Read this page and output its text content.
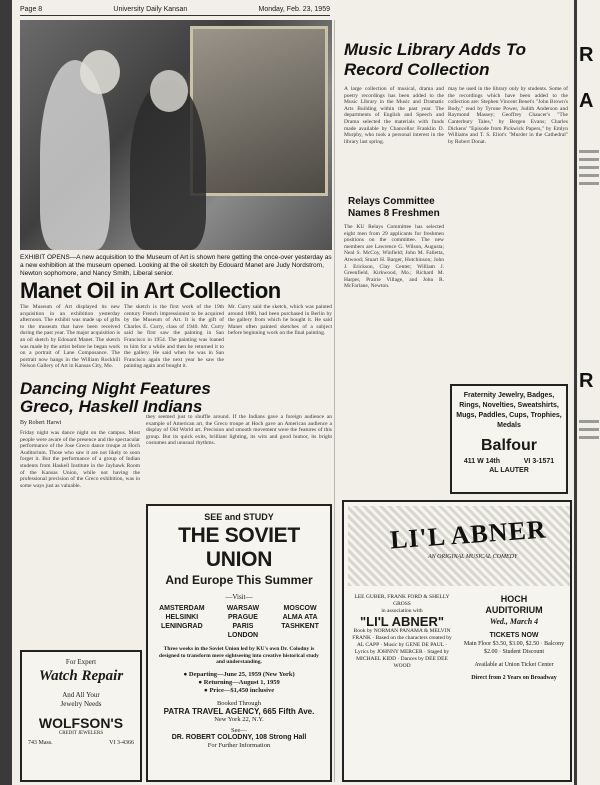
Page 8	University Daily Kansan	Monday, Feb. 23, 1959
EXHIBIT OPENS—A new acquisition to the Museum of Art is shown here getting the once-over yesterday as a new exhibition at the museum opened. Looking at the oil sketch by Edouard Manet are Judy Nordstrom, Newton sophomore, and Nancy Smith, Liberal senior.
Manet Oil in Art Collection
The Museum of Art displayed its new acquisition in an exhibition yesterday afternoon. The exhibit was made up of gifts to the museum that have been received during the past year. The major acquisition is an oil sketch by Edouard Manet. The sketch was made by the artist before he began work on a portrait of Lane Composance. The portrait now hangs in the William Rockhill Nelson Gallery of Art in Kansas City, Mo.
The sketch is the first work of the 19th century French impressionist to be acquired by the Museum of Art. It is the gift of Charles E. Curry, class of 1940. Mr. Curry said he first saw the painting in San Francisco in 1954. The painting was loaned to him for a while and then he returned it to the gallery. He said when he was in San Francisco again the next year he saw the painting again and bought it.
Mr. Curry said the sketch, which was painted around 1880, had been purchased in Berlin by the gallery from which he bought it. He said Manet often painted sketches of a subject before beginning work on the final painting.
Dancing Night Features Greco, Haskell Indians
By Robert Harwi
Friday night was dance night on the campus. Most people were aware of the presence and the spectacular performance of the Jose Greco dance troupe at Hoch Auditorium. Those who saw it are not likely to soon forget it. But the performance of a group of Indian students from Haskell Institute in the Jayhawk Room of the Kansas Union, while not having the professional precision of the Greco exhibition, was in some ways just as valuable.
they seemed just to shuffle around. If the Indians gave a foreign audience an example of American art, the Greco troupe at Hoch gave an American audience a display of Old World art. Precision and smooth movement were the features of this group. But its quick exits, brilliant lighting, its wits and good humor, its bright costumes and unusual rhythms.
SEE and STUDY
THE SOVIET UNION
And Europe This Summer
—Visit—
AMSTERDAM
HELSINKI
LENINGRAD
WARSAW
PRAGUE
PARIS
LONDON
MOSCOW
ALMA ATA
TASHKENT
Three weeks in the Soviet Union led by KU's own Dr. Colodny is designed to transform mere sightseeing into creative historical study and understanding.
● Departing—June 25, 1959 (New York)
● Returning—August 1, 1959
● Price—$1,450 inclusive
Booked Through
PATRA TRAVEL AGENCY, 665 Fifth Ave.
New York 22, N.Y.
See—
DR. ROBERT COLODNY, 108 Strong Hall
For Further Information
For Expert
Watch Repair
And All Your
Jewelry Needs
WOLFSON'S
CREDIT JEWELERS
743 Mass.	VI 3-4366
Music Library Adds To Record Collection
A large collection of musical, drama and poetry recordings has been added to the Music Library in the Music and Dramatic Arts Building within the past year. The departments of English and Speech and Drama selected the materials with funds made available by Chancellor Franklin D. Murphy, who took a personal interest in the library last spring.
may be used in the library only by students. Some of the recordings which have been added to the collection are: Stephen Vincent Benet's "John Brown's Body," read by Tyrone Power, Judith Anderson and Raymond Massey; Geoffrey Chaucer's "The Canterbury Tales," by Bergen Evans; Charles Dickens' "Episode from Pickwick Papers," by Emlyn Williams and T. S. Eliot's "Murder in the Cathedral" by Robert Donat.
Relays Committee Names 8 Freshmen
The KU Relays Committee has selected eight men from 29 applicants for freshmen positions on the committee. The new members are Lawrence G. Wilson, Augusta; Neal S. McCoy, Winfield; John M. Falletta, Atwood; Stuart H. Barger, Hutchinson; John J. Erickson, Clay Center; William J. Greenfield, Kirkwood, Mo.; Richard M. Harper, Prairie Village, and John R. McFarlane, Newton.
Fraternity Jewelry, Badges, Rings, Novelties, Sweatshirts, Mugs, Paddles, Cups, Trophies, Medals
Balfour
411 W 14th	VI 3-1571
AL LAUTER
LI'L ABNER
AN ORIGINAL MUSICAL COMEDY
LEE GUBER, FRANK FORD & SHELLY GROSS
in association with
"LI'L ABNER"
Book by NORMAN PANAMA & MELVIN FRANK · Based on the characters created by AL CAPP · Music by GENE DE PAUL · Lyrics by JOHNNY MERCER · Staged by MICHAEL KIDD · Dances by DEE DEE WOOD
HOCH
AUDITORIUM
Wed., March 4
TICKETS NOW
Main Floor $3.50, $3.00, $2.50 · Balcony $2.00 · Student Discount
Available at Union Ticket Center
Direct from 2 Years on Broadway
R
A
R
